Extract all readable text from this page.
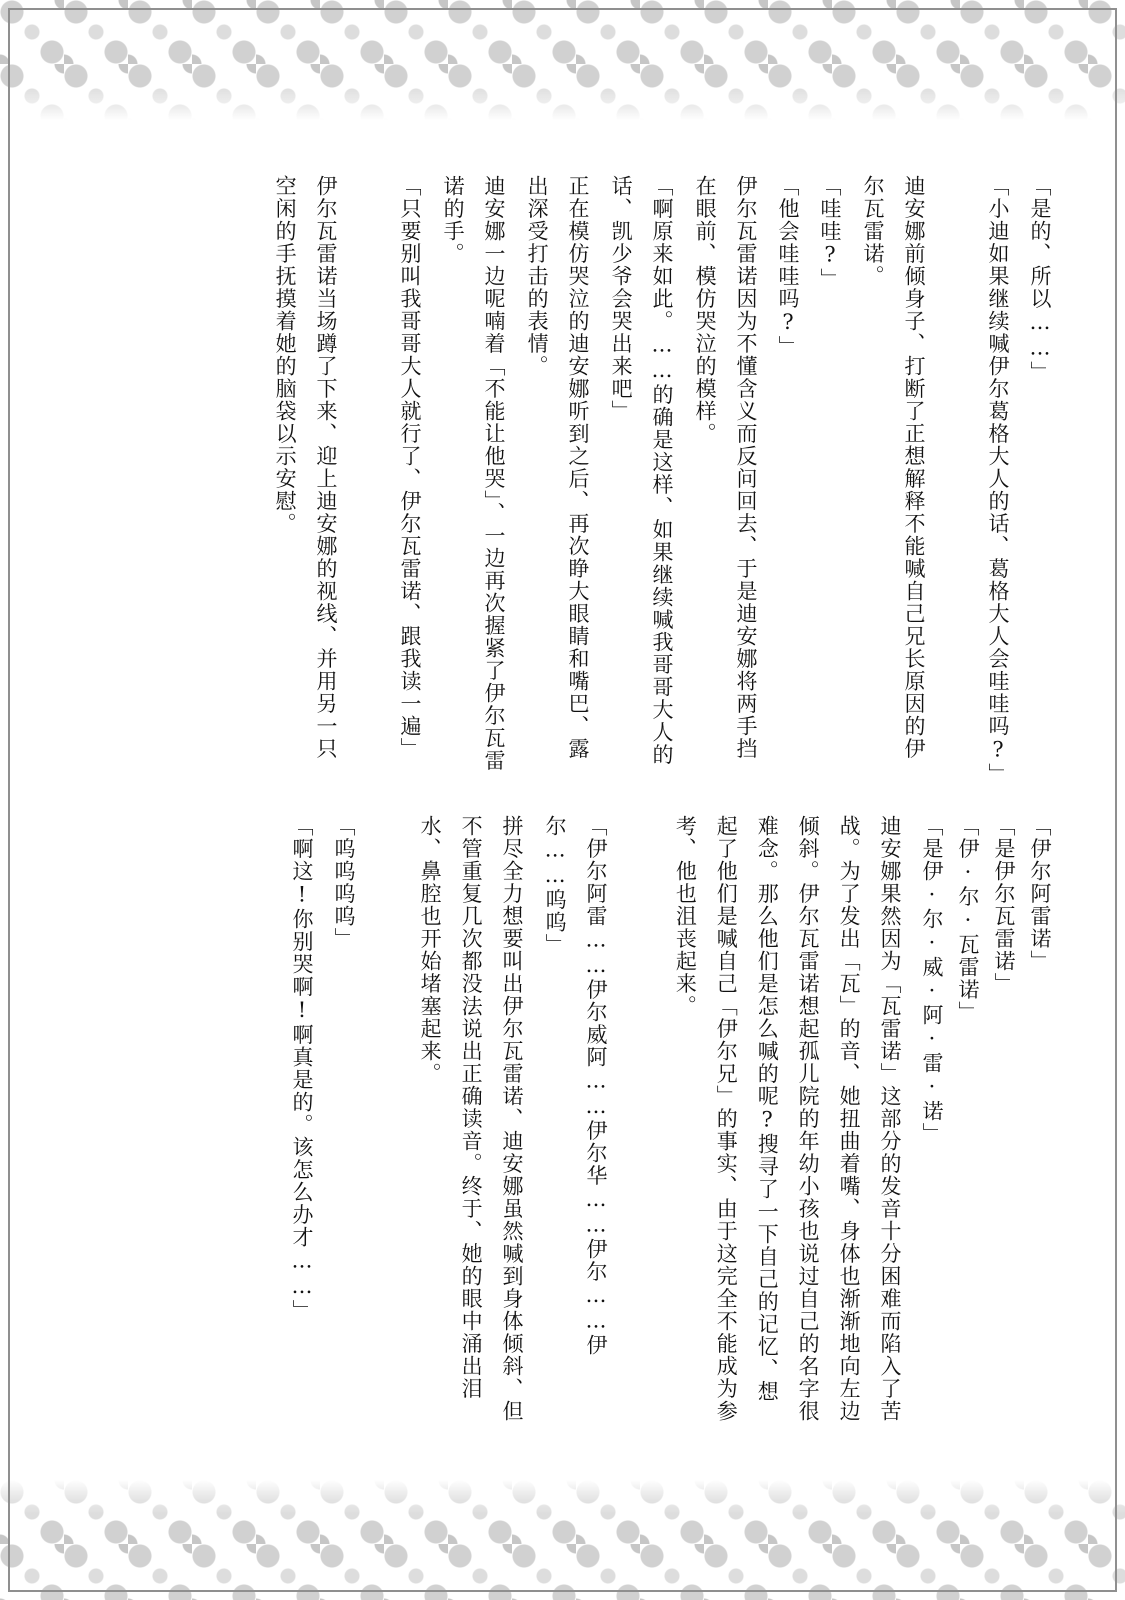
「是的、所以……」
「小迪如果继续喊伊尔葛格大人的话、葛格大人会哇哇吗?」
迪安娜前倾身子、打断了正想解释不能喊自己兄长原因的伊尔瓦雷诺。
「哇哇?」
「他会哇哇吗?」
伊尔瓦雷诺因为不懂含义而反问回去、于是迪安娜将两手挡在眼前、模仿哭泣的模样。
「啊原来如此。……的确是这样、如果继续喊我哥哥大人的话、凯少爷会哭出来吧」
正在模仿哭泣的迪安娜听到之后、再次睁大眼睛和嘴巴、露出深受打击的表情。
迪安娜一边呢喃着「不能让他哭」、一边再次握紧了伊尔瓦雷诺的手。
「只要别叫我哥哥大人就行了、伊尔瓦雷诺、跟我读一遍」
伊尔瓦雷诺当场蹲了下来、迎上迪安娜的视线、并用另一只空闲的手抚摸着她的脑袋以示安慰。
「伊尔阿雷诺」
「是伊尔瓦雷诺」
「伊·尔·瓦雷诺」
「是伊·尔·威·阿·雷·诺」
迪安娜果然因为「瓦雷诺」这部分的发音十分困难而陷入了苦战。为了发出「瓦」的音、她扭曲着嘴、身体也渐渐地向左边倾斜。伊尔瓦雷诺想起孤儿院的年幼小孩也说过自己的名字很难念。那么他们是怎么喊的呢?搜寻了一下自己的记忆、想起了他们是喊自己「伊尔兄」的事实、由于这完全不能成为参考、他也沮丧起来。
「伊尔阿雷……伊尔威阿……伊尔华……伊尔……伊尔……呜呜」
拼尽全力想要叫出伊尔瓦雷诺、迪安娜虽然喊到身体倾斜、但不管重复几次都没法说出正确读音。终于、她的眼中涌出泪水、鼻腔也开始堵塞起来。
「呜呜呜呜」
「啊这!你别哭啊!啊真是的。该怎么办才……」
